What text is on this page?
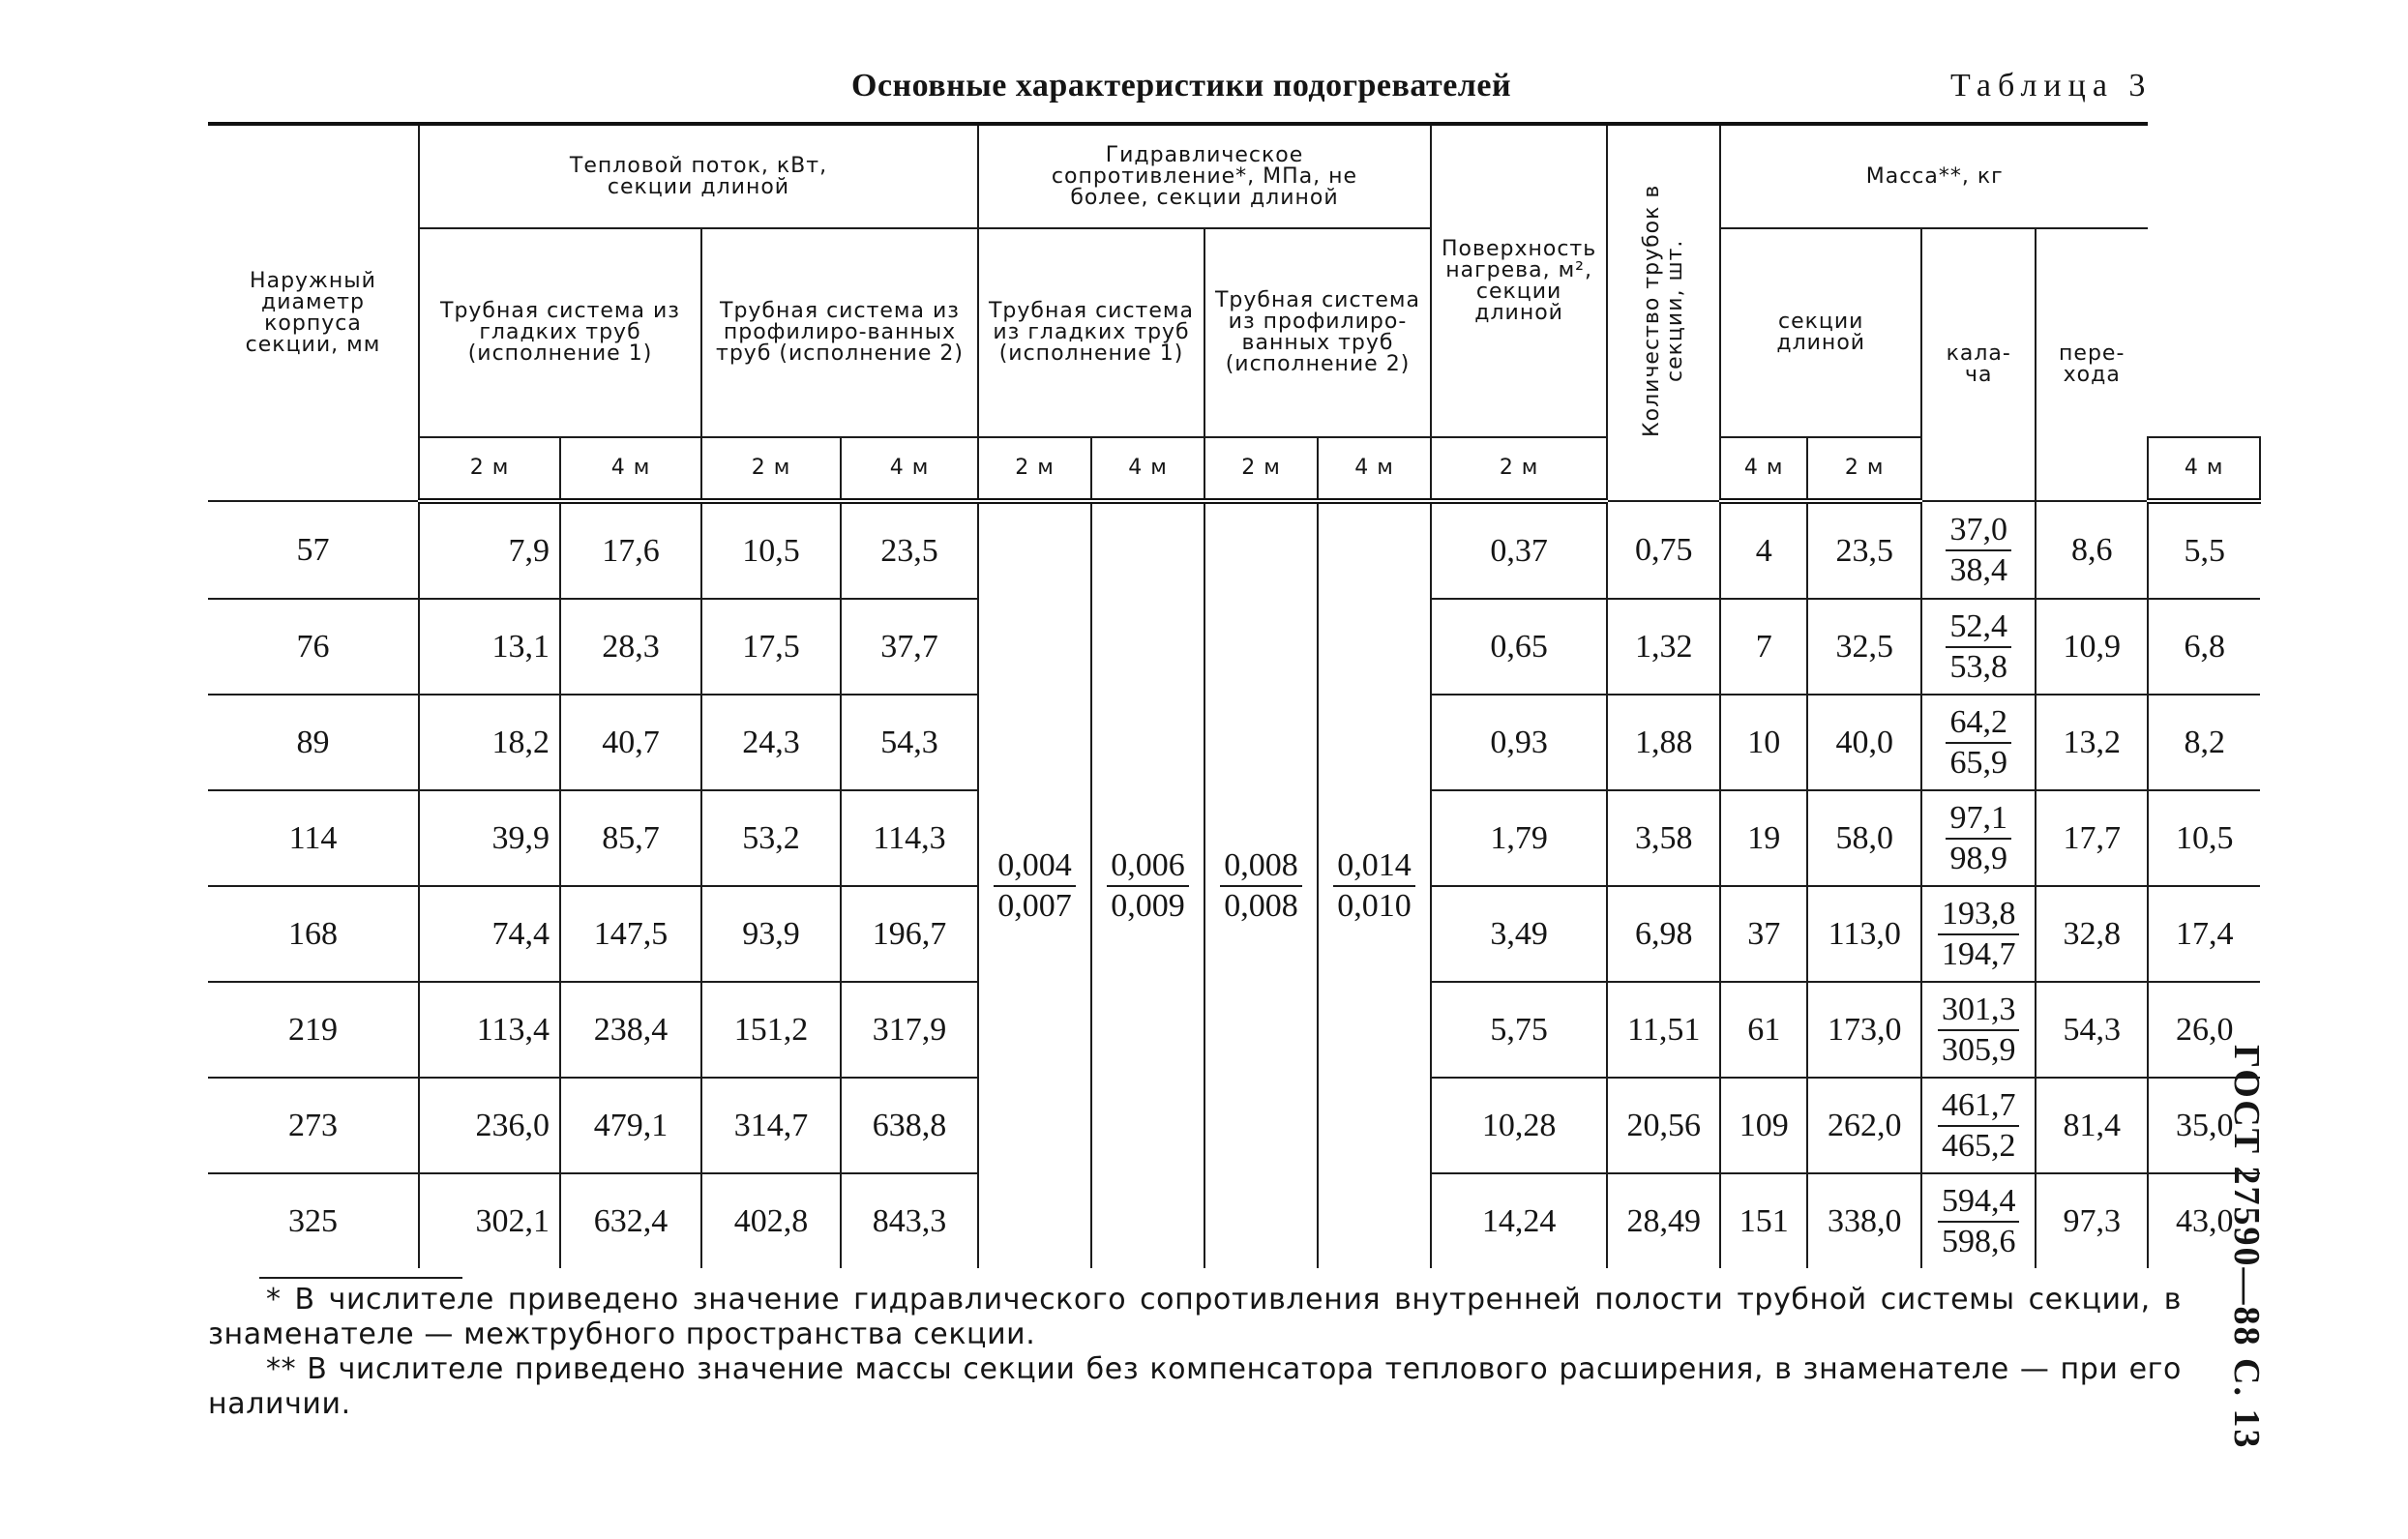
Основные характеристики подогревателей	Таблица 3
Наружный диаметр корпуса секции, мм	Тепловой поток, кВт, секции длиной				Гидравлическое сопротивление*, МПа, не более, секции длиной				Поверхность нагрева, м², секции длиной	Количество трубок в секции, шт.	Масса**, кг				
	Трубная система из гладких труб (исполнение 1)		Трубная система из профилиро-ванных труб (исполнение 2)		Трубная система из гладких труб (исполнение 1)		Трубная система из профилиро-ванных труб (исполнение 2)				секции длиной		кала-ча	пере-хода	
	2 м	4 м	2 м	4 м	2 м	4 м	2 м	4 м	2 м		4 м	2 м			4 м
57	7,9	17,6	10,5	23,5	$\frac{0,004}{0,007}$	$\frac{0,006}{0,009}$	$\frac{0,008}{0,008}$	$\frac{0,014}{0,010}$	0,37	0,75	4	23,5	$\frac{37,0}{38,4}$	8,6	5,5
76	13,1	28,3	17,5	37,7					0,65	1,32	7	32,5	$\frac{52,4}{53,8}$	10,9	6,8
89	18,2	40,7	24,3	54,3					0,93	1,88	10	40,0	$\frac{64,2}{65,9}$	13,2	8,2
114	39,9	85,7	53,2	114,3					1,79	3,58	19	58,0	$\frac{97,1}{98,9}$	17,7	10,5
168	74,4	147,5	93,9	196,7					3,49	6,98	37	113,0	$\frac{193,8}{194,7}$	32,8	17,4
219	113,4	238,4	151,2	317,9					5,75	11,51	61	173,0	$\frac{301,3}{305,9}$	54,3	26,0
273	236,0	479,1	314,7	638,8					10,28	20,56	109	262,0	$\frac{461,7}{465,2}$	81,4	35,0
325	302,1	632,4	402,8	843,3					14,24	28,49	151	338,0	$\frac{594,4}{598,6}$	97,3	43,0

* В числителе приведено значение гидравлического сопротивления внутренней полости трубной системы секции, в знаменателе — межтрубного пространства секции.

** В числителе приведено значение массы секции без компенсатора теплового расширения, в знаменателе — при его наличии.	ГОСТ 27590—88 С. 13
